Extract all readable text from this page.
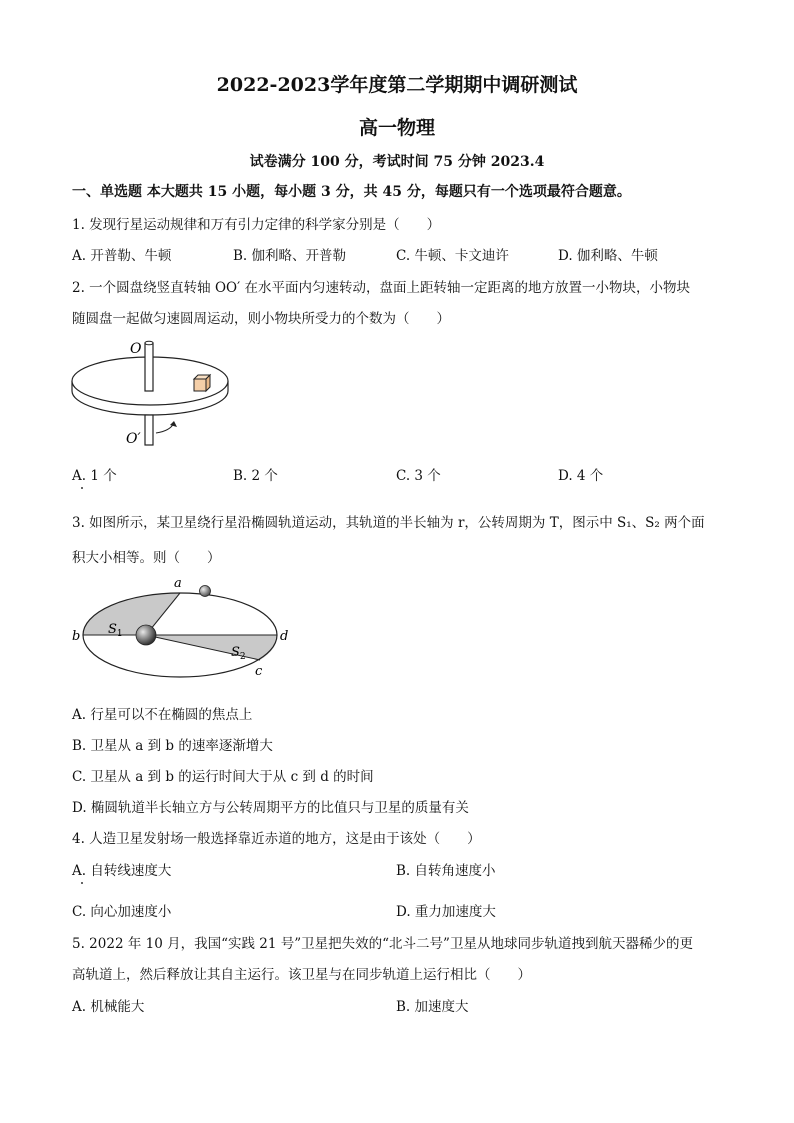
2022-2023学年度第二学期期中调研测试
高一物理
试卷满分 100 分，考试时间 75 分钟 2023.4
一、单选题 本大题共 15 小题，每小题 3 分，共 45 分，每题只有一个选项最符合题意。
1. 发现行星运动规律和万有引力定律的科学家分别是（　　）
A. 开普勒、牛顿	B. 伽利略、开普勒	C. 牛顿、卡文迪许	D. 伽利略、牛顿
2. 一个圆盘绕竖直转轴 OO′ 在水平面内匀速转动，盘面上距转轴一定距离的地方放置一小物块，小物块
随圆盘一起做匀速圆周运动，则小物块所受力的个数为（　　）
O
O′
A. 1 个	B. 2 个	C. 3 个	D. 4 个
3. 如图所示，某卫星绕行星沿椭圆轨道运动，其轨道的半长轴为 r，公转周期为 T，图示中 S₁、S₂ 两个面
积大小相等。则（　　）
a
b
c
d
$S_1$
$S_2$
A. 行星可以不在椭圆的焦点上
B. 卫星从 a 到 b 的速率逐渐增大
C. 卫星从 a 到 b 的运行时间大于从 c 到 d 的时间
D. 椭圆轨道半长轴立方与公转周期平方的比值只与卫星的质量有关
4. 人造卫星发射场一般选择靠近赤道的地方，这是由于该处（　　）
A. 自转线速度大	B. 自转角速度小
C. 向心加速度小	D. 重力加速度大
5. 2022 年 10 月，我国“实践 21 号”卫星把失效的“北斗二号”卫星从地球同步轨道拽到航天器稀少的更
高轨道上，然后释放让其自主运行。该卫星与在同步轨道上运行相比（　　）
A. 机械能大	B. 加速度大
